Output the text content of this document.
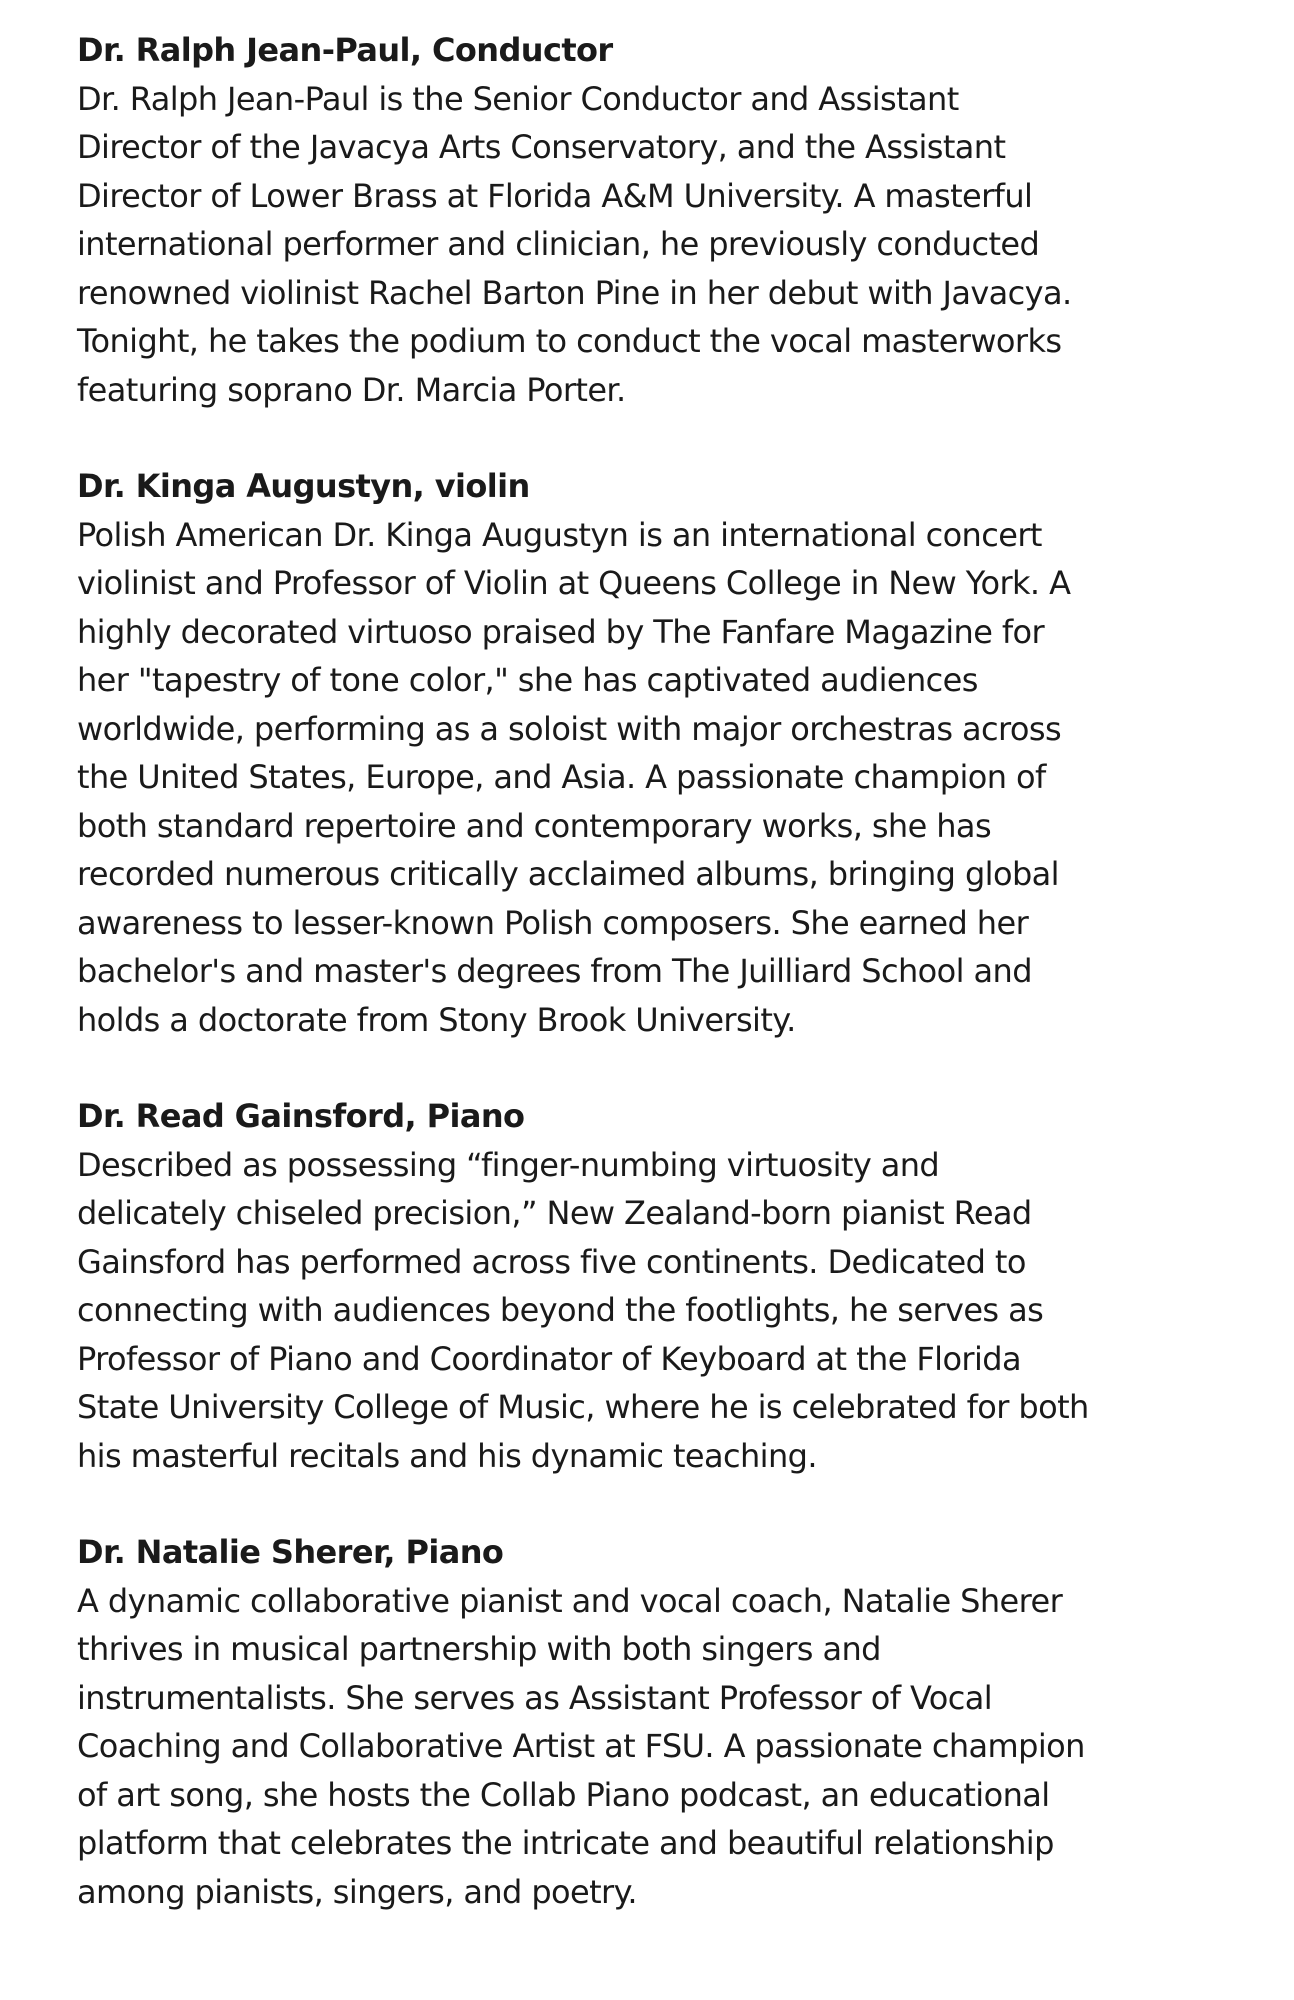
Dr. Ralph Jean-Paul, Conductor

Dr. Ralph Jean-Paul is the Senior Conductor and Assistant

Director of the Javacya Arts Conservatory, and the Assistant

Director of Lower Brass at Florida A&M University. A masterful

international performer and clinician, he previously conducted

renowned violinist Rachel Barton Pine in her debut with Javacya.

Tonight, he takes the podium to conduct the vocal masterworks

featuring soprano Dr. Marcia Porter.

Dr. Kinga Augustyn, violin

Polish American Dr. Kinga Augustyn is an international concert

violinist and Professor of Violin at Queens College in New York. A

highly decorated virtuoso praised by The Fanfare Magazine for

her "tapestry of tone color," she has captivated audiences

worldwide, performing as a soloist with major orchestras across

the United States, Europe, and Asia. A passionate champion of

both standard repertoire and contemporary works, she has

recorded numerous critically acclaimed albums, bringing global

awareness to lesser-known Polish composers. She earned her

bachelor's and master's degrees from The Juilliard School and

holds a doctorate from Stony Brook University.

Dr. Read Gainsford, Piano

Described as possessing “finger-numbing virtuosity and

delicately chiseled precision,” New Zealand-born pianist Read

Gainsford has performed across five continents. Dedicated to

connecting with audiences beyond the footlights, he serves as

Professor of Piano and Coordinator of Keyboard at the Florida

State University College of Music, where he is celebrated for both

his masterful recitals and his dynamic teaching.

Dr. Natalie Sherer, Piano

A dynamic collaborative pianist and vocal coach, Natalie Sherer

thrives in musical partnership with both singers and

instrumentalists. She serves as Assistant Professor of Vocal

Coaching and Collaborative Artist at FSU. A passionate champion

of art song, she hosts the Collab Piano podcast, an educational

platform that celebrates the intricate and beautiful relationship

among pianists, singers, and poetry.
